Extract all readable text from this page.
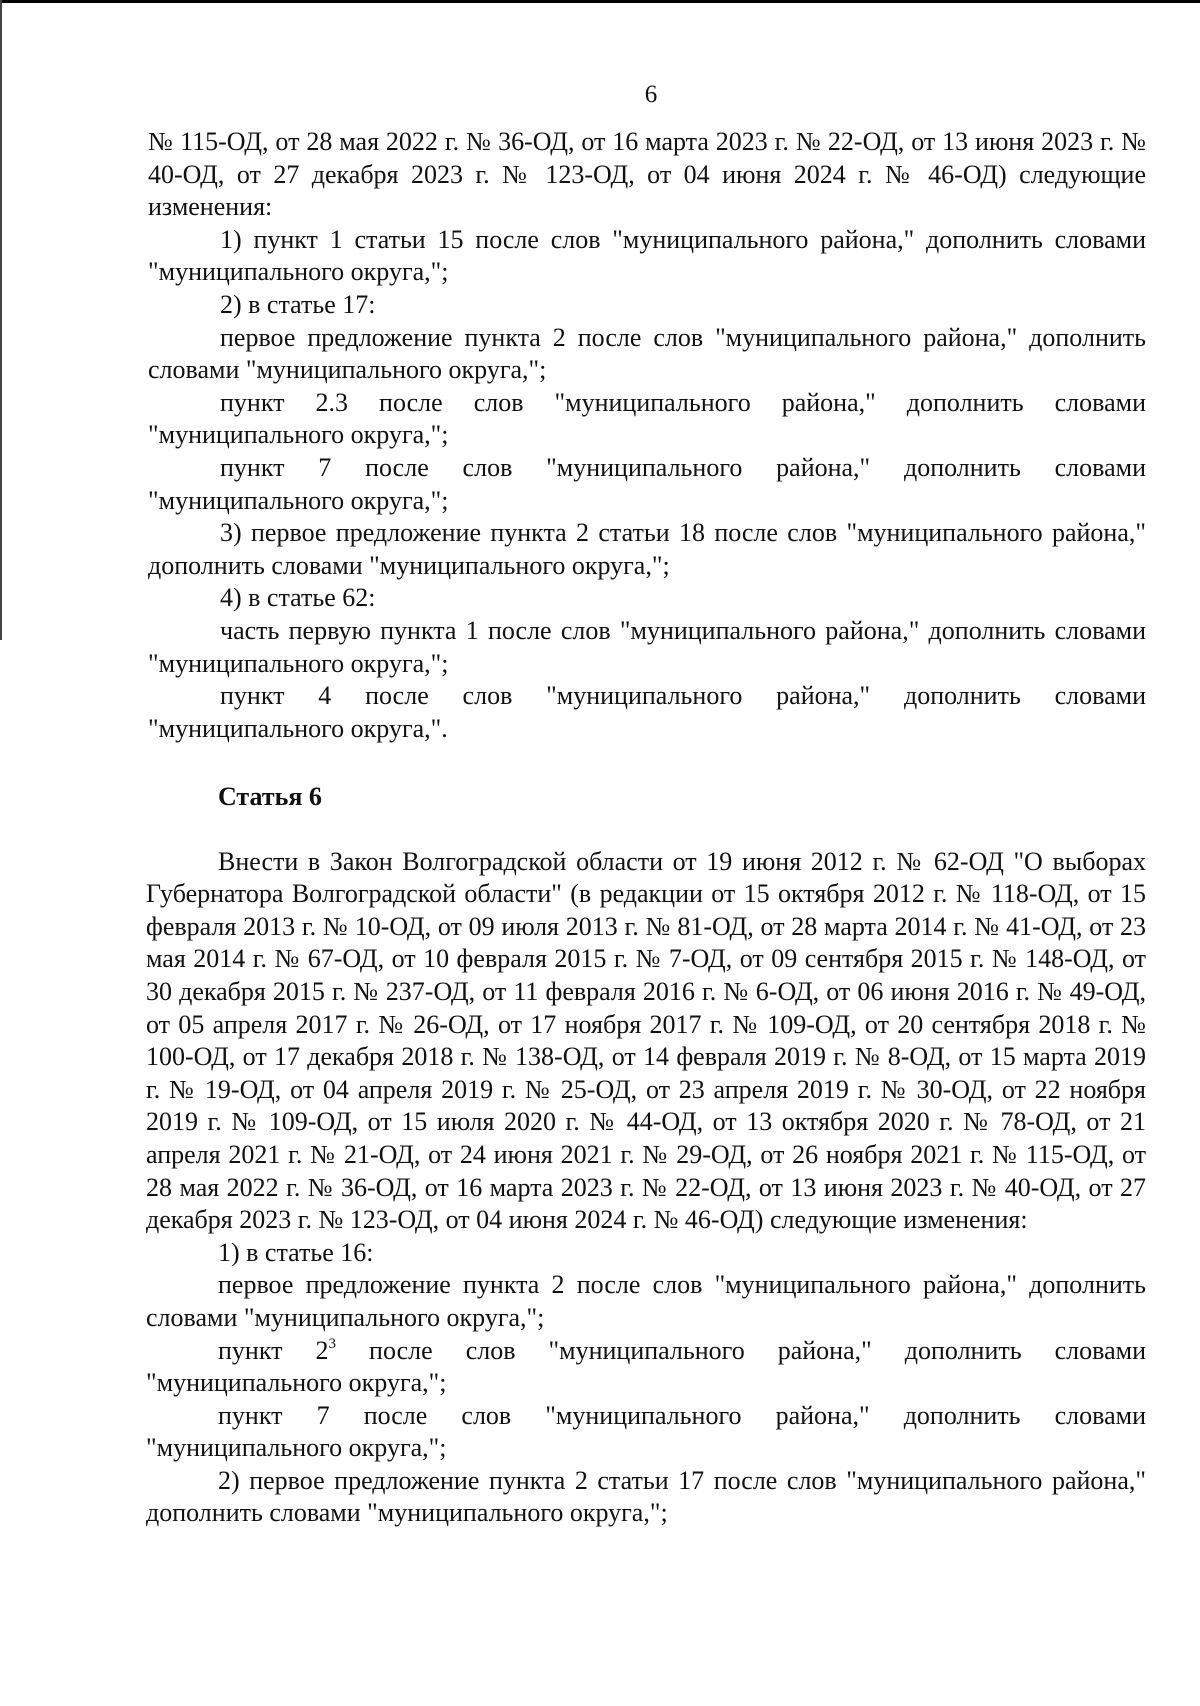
6

№ 115-ОД, от 28 мая 2022 г. № 36-ОД, от 16 марта 2023 г. № 22-ОД, от 13 июня 2023 г. № 40-ОД, от 27 декабря 2023 г. № 123-ОД, от 04 июня 2024 г. № 46-ОД) следующие изменения:

1) пункт 1 статьи 15 после слов "муниципального района," дополнить словами "муниципального округа,";

2) в статье 17:

первое предложение пункта 2 после слов "муниципального района," дополнить словами "муниципального округа,";

пункт 2.3 после слов "муниципального района," дополнить словами "муниципального округа,";

пункт 7 после слов "муниципального района," дополнить словами "муниципального округа,";

3) первое предложение пункта 2 статьи 18 после слов "муниципального района," дополнить словами "муниципального округа,";

4) в статье 62:

часть первую пункта 1 после слов "муниципального района," дополнить словами "муниципального округа,";

пункт 4 после слов "муниципального района," дополнить словами "муниципального округа,".

Статья 6

Внести в Закон Волгоградской области от 19 июня 2012 г. № 62-ОД "О выборах Губернатора Волгоградской области" (в редакции от 15 октября 2012 г. № 118-ОД, от 15 февраля 2013 г. № 10-ОД, от 09 июля 2013 г. № 81-ОД, от 28 марта 2014 г. № 41-ОД, от 23 мая 2014 г. № 67-ОД, от 10 февраля 2015 г. № 7-ОД, от 09 сентября 2015 г. № 148-ОД, от 30 декабря 2015 г. № 237-ОД, от 11 февраля 2016 г. № 6-ОД, от 06 июня 2016 г. № 49-ОД, от 05 апреля 2017 г. № 26-ОД, от 17 ноября 2017 г. № 109-ОД, от 20 сентября 2018 г. № 100-ОД, от 17 декабря 2018 г. № 138-ОД, от 14 февраля 2019 г. № 8-ОД, от 15 марта 2019 г. № 19-ОД, от 04 апреля 2019 г. № 25-ОД, от 23 апреля 2019 г. № 30-ОД, от 22 ноября 2019 г. № 109-ОД, от 15 июля 2020 г. № 44-ОД, от 13 октября 2020 г. № 78-ОД, от 21 апреля 2021 г. № 21-ОД, от 24 июня 2021 г. № 29-ОД, от 26 ноября 2021 г. № 115-ОД, от 28 мая 2022 г. № 36-ОД, от 16 марта 2023 г. № 22-ОД, от 13 июня 2023 г. № 40-ОД, от 27 декабря 2023 г. № 123-ОД, от 04 июня 2024 г. № 46-ОД) следующие изменения:

1) в статье 16:

первое предложение пункта 2 после слов "муниципального района," дополнить словами "муниципального округа,";

пункт $2^3$ после слов "муниципального района," дополнить словами "муниципального округа,";

пункт 7 после слов "муниципального района," дополнить словами "муниципального округа,";

2) первое предложение пункта 2 статьи 17 после слов "муниципального района," дополнить словами "муниципального округа,";
